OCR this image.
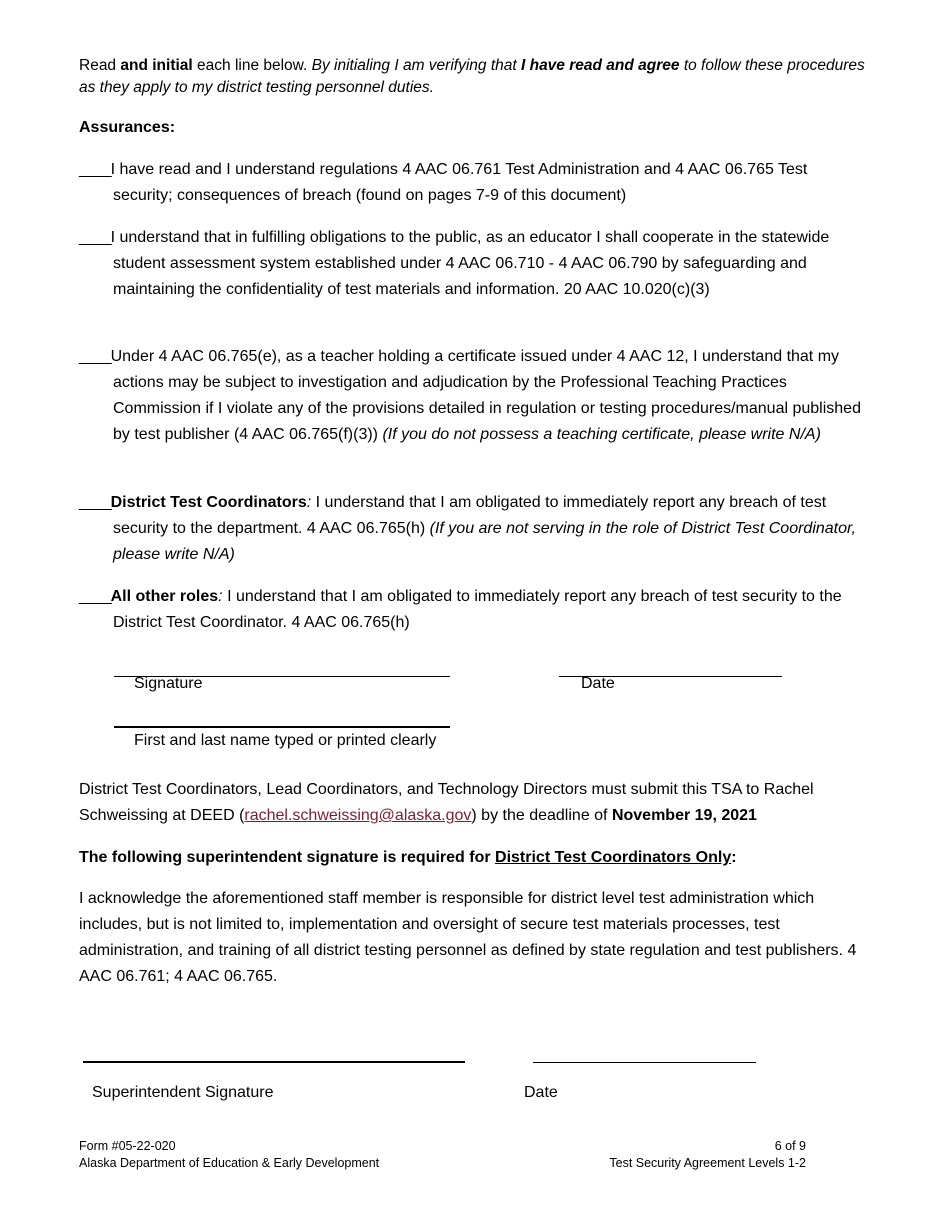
Read and initial each line below. By initialing I am verifying that I have read and agree to follow these procedures as they apply to my district testing personnel duties.
Assurances:
____I have read and I understand regulations 4 AAC 06.761 Test Administration and 4 AAC 06.765 Test security; consequences of breach (found on pages 7-9 of this document)
____I understand that in fulfilling obligations to the public, as an educator I shall cooperate in the statewide student assessment system established under 4 AAC 06.710 - 4 AAC 06.790 by safeguarding and maintaining the confidentiality of test materials and information. 20 AAC 10.020(c)(3)
____Under 4 AAC 06.765(e), as a teacher holding a certificate issued under 4 AAC 12, I understand that my actions may be subject to investigation and adjudication by the Professional Teaching Practices Commission if I violate any of the provisions detailed in regulation or testing procedures/manual published by test publisher (4 AAC 06.765(f)(3)) (If you do not possess a teaching certificate, please write N/A)
____District Test Coordinators: I understand that I am obligated to immediately report any breach of test security to the department. 4 AAC 06.765(h) (If you are not serving in the role of District Test Coordinator, please write N/A)
____All other roles: I understand that I am obligated to immediately report any breach of test security to the District Test Coordinator. 4 AAC 06.765(h)
Signature	Date
First and last name typed or printed clearly
District Test Coordinators, Lead Coordinators, and Technology Directors must submit this TSA to Rachel Schweissing at DEED (rachel.schweissing@alaska.gov) by the deadline of November 19, 2021
The following superintendent signature is required for District Test Coordinators Only:
I acknowledge the aforementioned staff member is responsible for district level test administration which includes, but is not limited to, implementation and oversight of secure test materials processes, test administration, and training of all district testing personnel as defined by state regulation and test publishers. 4 AAC 06.761; 4 AAC 06.765.
Superintendent Signature	Date
Form #05-22-020
Alaska Department of Education & Early Development
6 of 9
Test Security Agreement Levels 1-2
